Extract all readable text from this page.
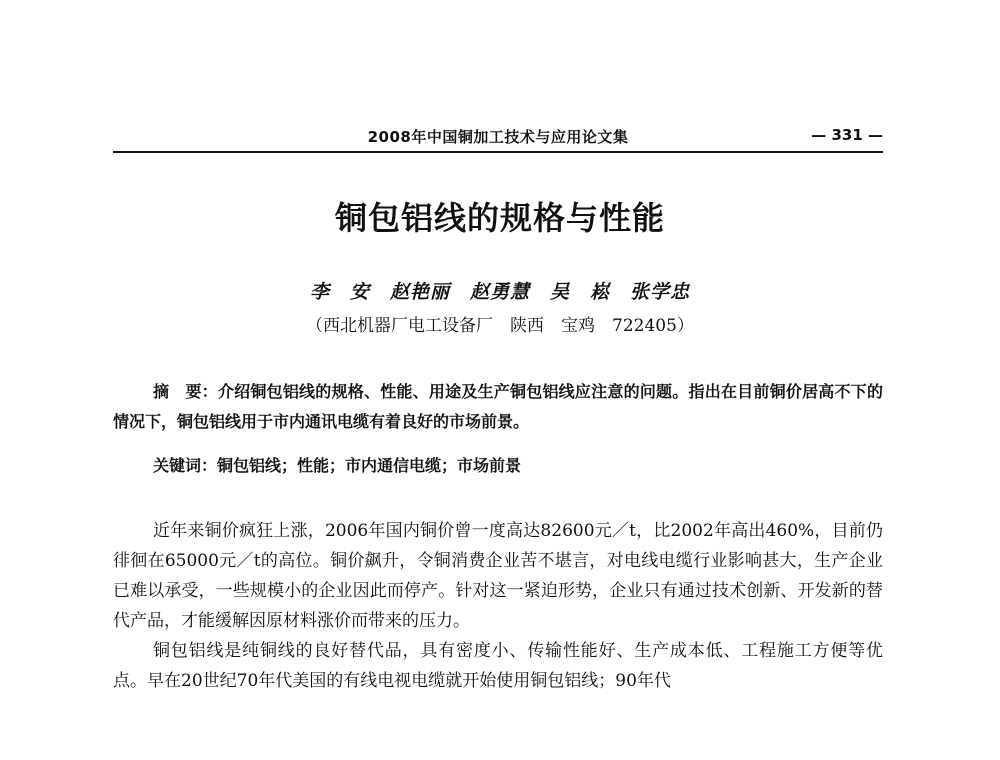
2008年中国铜加工技术与应用论文集	— 331 —
铜包铝线的规格与性能
李　安　赵艳丽　赵勇慧　吴　崧　张学忠
（西北机器厂电工设备厂　陕西　宝鸡　722405）
摘　要：介绍铜包铝线的规格、性能、用途及生产铜包铝线应注意的问题。指出在目前铜价居高不下的情况下，铜包铝线用于市内通讯电缆有着良好的市场前景。
关键词：铜包铝线；性能；市内通信电缆；市场前景

近年来铜价疯狂上涨，2006年国内铜价曾一度高达82600元／t，比2002年高出460%，目前仍徘徊在65000元／t的高位。铜价飙升，令铜消费企业苦不堪言，对电线电缆行业影响甚大，生产企业已难以承受，一些规模小的企业因此而停产。针对这一紧迫形势，企业只有通过技术创新、开发新的替代产品，才能缓解因原材料涨价而带来的压力。

铜包铝线是纯铜线的良好替代品，具有密度小、传输性能好、生产成本低、工程施工方便等优点。早在20世纪70年代美国的有线电视电缆就开始使用铜包铝线；90年代
